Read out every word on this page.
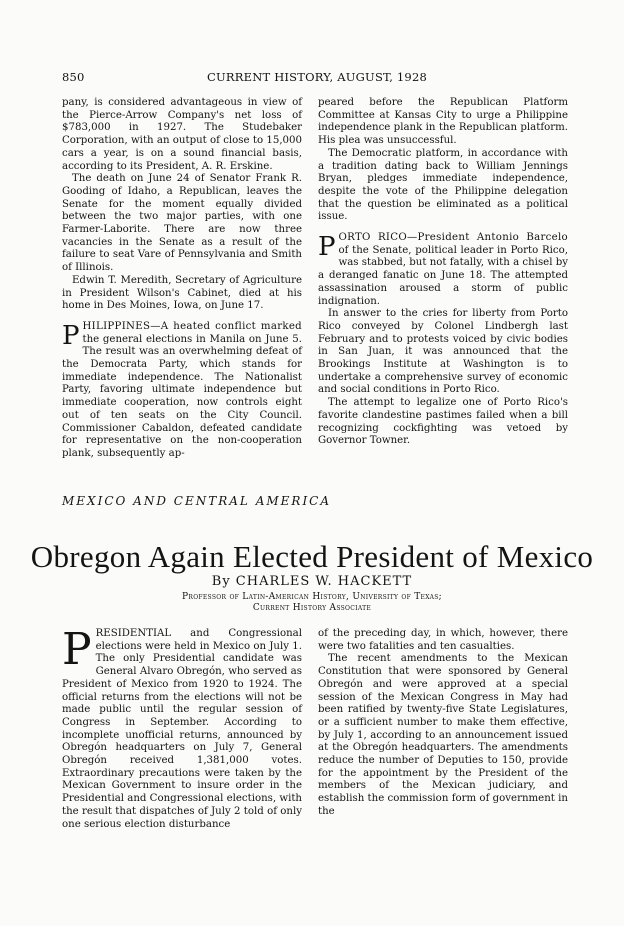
850	CURRENT HISTORY, AUGUST, 1928

pany, is considered advantageous in view of the Pierce-Arrow Company's net loss of $783,000 in 1927. The Studebaker Corporation, with an output of close to 15,000 cars a year, is on a sound financial basis, according to its President, A. R. Erskine.

The death on June 24 of Senator Frank R. Gooding of Idaho, a Republican, leaves the Senate for the moment equally divided between the two major parties, with one Farmer-Laborite. There are now three vacancies in the Senate as a result of the failure to seat Vare of Pennsylvania and Smith of Illinois.

Edwin T. Meredith, Secretary of Agriculture in President Wilson's Cabinet, died at his home in Des Moines, Iowa, on June 17.

PHILIPPINES—A heated conflict marked the general elections in Manila on June 5. The result was an overwhelming defeat of the Democrata Party, which stands for immediate independence. The Nationalist Party, favoring ultimate independence but immediate cooperation, now controls eight out of ten seats on the City Council. Commissioner Cabaldon, defeated candidate for representative on the non-cooperation plank, subsequently ap-

peared before the Republican Platform Committee at Kansas City to urge a Philippine independence plank in the Republican platform. His plea was unsuccessful.

The Democratic platform, in accordance with a tradition dating back to William Jennings Bryan, pledges immediate independence, despite the vote of the Philippine delegation that the question be eliminated as a political issue.

PORTO RICO—President Antonio Barcelo of the Senate, political leader in Porto Rico, was stabbed, but not fatally, with a chisel by a deranged fanatic on June 18. The attempted assassination aroused a storm of public indignation.

In answer to the cries for liberty from Porto Rico conveyed by Colonel Lindbergh last February and to protests voiced by civic bodies in San Juan, it was announced that the Brookings Institute at Washington is to undertake a comprehensive survey of economic and social conditions in Porto Rico.

The attempt to legalize one of Porto Rico's favorite clandestine pastimes failed when a bill recognizing cockfighting was vetoed by Governor Towner.

MEXICO AND CENTRAL AMERICA
Obregon Again Elected President of Mexico
By CHARLES W. HACKETT
Professor of Latin-American History, University of Texas;
Current History Associate

PRESIDENTIAL and Congressional elections were held in Mexico on July 1. The only Presidential candidate was General Alvaro Obregón, who served as President of Mexico from 1920 to 1924. The official returns from the elections will not be made public until the regular session of Congress in September. According to incomplete unofficial returns, announced by Obregón headquarters on July 7, General Obregón received 1,381,000 votes. Extraordinary precautions were taken by the Mexican Government to insure order in the Presidential and Congressional elections, with the result that dispatches of July 2 told of only one serious election disturbance

of the preceding day, in which, however, there were two fatalities and ten casualties.

The recent amendments to the Mexican Constitution that were sponsored by General Obregón and were approved at a special session of the Mexican Congress in May had been ratified by twenty-five State Legislatures, or a sufficient number to make them effective, by July 1, according to an announcement issued at the Obregón headquarters. The amendments reduce the number of Deputies to 150, provide for the appointment by the President of the members of the Mexican judiciary, and establish the commission form of government in the
